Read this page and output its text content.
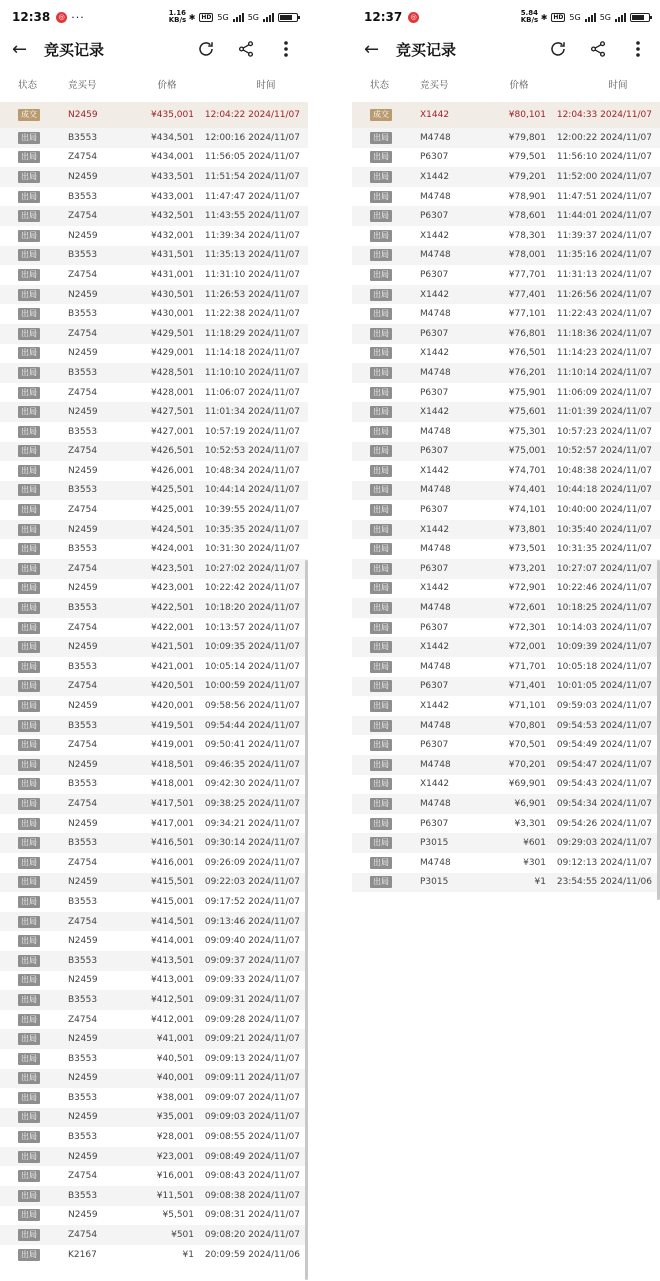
12:38	◎ ···	1.16 KB/s ✱	HD 5G 5G
←	竞买记录
状态	竞买号	价格	时间
成交	N2459	¥435,001	12:04:22 2024/11/07
出局	B3553	¥434,501	12:00:16 2024/11/07
出局	Z4754	¥434,001	11:56:05 2024/11/07
出局	N2459	¥433,501	11:51:54 2024/11/07
出局	B3553	¥433,001	11:47:47 2024/11/07
出局	Z4754	¥432,501	11:43:55 2024/11/07
出局	N2459	¥432,001	11:39:34 2024/11/07
出局	B3553	¥431,501	11:35:13 2024/11/07
出局	Z4754	¥431,001	11:31:10 2024/11/07
出局	N2459	¥430,501	11:26:53 2024/11/07
出局	B3553	¥430,001	11:22:38 2024/11/07
出局	Z4754	¥429,501	11:18:29 2024/11/07
出局	N2459	¥429,001	11:14:18 2024/11/07
出局	B3553	¥428,501	11:10:10 2024/11/07
出局	Z4754	¥428,001	11:06:07 2024/11/07
出局	N2459	¥427,501	11:01:34 2024/11/07
出局	B3553	¥427,001	10:57:19 2024/11/07
出局	Z4754	¥426,501	10:52:53 2024/11/07
出局	N2459	¥426,001	10:48:34 2024/11/07
出局	B3553	¥425,501	10:44:14 2024/11/07
出局	Z4754	¥425,001	10:39:55 2024/11/07
出局	N2459	¥424,501	10:35:35 2024/11/07
出局	B3553	¥424,001	10:31:30 2024/11/07
出局	Z4754	¥423,501	10:27:02 2024/11/07
出局	N2459	¥423,001	10:22:42 2024/11/07
出局	B3553	¥422,501	10:18:20 2024/11/07
出局	Z4754	¥422,001	10:13:57 2024/11/07
出局	N2459	¥421,501	10:09:35 2024/11/07
出局	B3553	¥421,001	10:05:14 2024/11/07
出局	Z4754	¥420,501	10:00:59 2024/11/07
出局	N2459	¥420,001	09:58:56 2024/11/07
出局	B3553	¥419,501	09:54:44 2024/11/07
出局	Z4754	¥419,001	09:50:41 2024/11/07
出局	N2459	¥418,501	09:46:35 2024/11/07
出局	B3553	¥418,001	09:42:30 2024/11/07
出局	Z4754	¥417,501	09:38:25 2024/11/07
出局	N2459	¥417,001	09:34:21 2024/11/07
出局	B3553	¥416,501	09:30:14 2024/11/07
出局	Z4754	¥416,001	09:26:09 2024/11/07
出局	N2459	¥415,501	09:22:03 2024/11/07
出局	B3553	¥415,001	09:17:52 2024/11/07
出局	Z4754	¥414,501	09:13:46 2024/11/07
出局	N2459	¥414,001	09:09:40 2024/11/07
出局	B3553	¥413,501	09:09:37 2024/11/07
出局	N2459	¥413,001	09:09:33 2024/11/07
出局	B3553	¥412,501	09:09:31 2024/11/07
出局	Z4754	¥412,001	09:09:28 2024/11/07
出局	N2459	¥41,001	09:09:21 2024/11/07
出局	B3553	¥40,501	09:09:13 2024/11/07
出局	N2459	¥40,001	09:09:11 2024/11/07
出局	B3553	¥38,001	09:09:07 2024/11/07
出局	N2459	¥35,001	09:09:03 2024/11/07
出局	B3553	¥28,001	09:08:55 2024/11/07
出局	N2459	¥23,001	09:08:49 2024/11/07
出局	Z4754	¥16,001	09:08:43 2024/11/07
出局	B3553	¥11,501	09:08:38 2024/11/07
出局	N2459	¥5,501	09:08:31 2024/11/07
出局	Z4754	¥501	09:08:20 2024/11/07
出局	K2167	¥1	20:09:59 2024/11/06
12:37	◎	5.84 KB/s ✱	HD 5G 5G
←	竞买记录
状态	竞买号	价格	时间
成交	X1442	¥80,101	12:04:33 2024/11/07
出局	M4748	¥79,801	12:00:22 2024/11/07
出局	P6307	¥79,501	11:56:10 2024/11/07
出局	X1442	¥79,201	11:52:00 2024/11/07
出局	M4748	¥78,901	11:47:51 2024/11/07
出局	P6307	¥78,601	11:44:01 2024/11/07
出局	X1442	¥78,301	11:39:37 2024/11/07
出局	M4748	¥78,001	11:35:16 2024/11/07
出局	P6307	¥77,701	11:31:13 2024/11/07
出局	X1442	¥77,401	11:26:56 2024/11/07
出局	M4748	¥77,101	11:22:43 2024/11/07
出局	P6307	¥76,801	11:18:36 2024/11/07
出局	X1442	¥76,501	11:14:23 2024/11/07
出局	M4748	¥76,201	11:10:14 2024/11/07
出局	P6307	¥75,901	11:06:09 2024/11/07
出局	X1442	¥75,601	11:01:39 2024/11/07
出局	M4748	¥75,301	10:57:23 2024/11/07
出局	P6307	¥75,001	10:52:57 2024/11/07
出局	X1442	¥74,701	10:48:38 2024/11/07
出局	M4748	¥74,401	10:44:18 2024/11/07
出局	P6307	¥74,101	10:40:00 2024/11/07
出局	X1442	¥73,801	10:35:40 2024/11/07
出局	M4748	¥73,501	10:31:35 2024/11/07
出局	P6307	¥73,201	10:27:07 2024/11/07
出局	X1442	¥72,901	10:22:46 2024/11/07
出局	M4748	¥72,601	10:18:25 2024/11/07
出局	P6307	¥72,301	10:14:03 2024/11/07
出局	X1442	¥72,001	10:09:39 2024/11/07
出局	M4748	¥71,701	10:05:18 2024/11/07
出局	P6307	¥71,401	10:01:05 2024/11/07
出局	X1442	¥71,101	09:59:03 2024/11/07
出局	M4748	¥70,801	09:54:53 2024/11/07
出局	P6307	¥70,501	09:54:49 2024/11/07
出局	M4748	¥70,201	09:54:47 2024/11/07
出局	X1442	¥69,901	09:54:43 2024/11/07
出局	M4748	¥6,901	09:54:34 2024/11/07
出局	P6307	¥3,301	09:54:26 2024/11/07
出局	P3015	¥601	09:29:03 2024/11/07
出局	M4748	¥301	09:12:13 2024/11/07
出局	P3015	¥1	23:54:55 2024/11/06
